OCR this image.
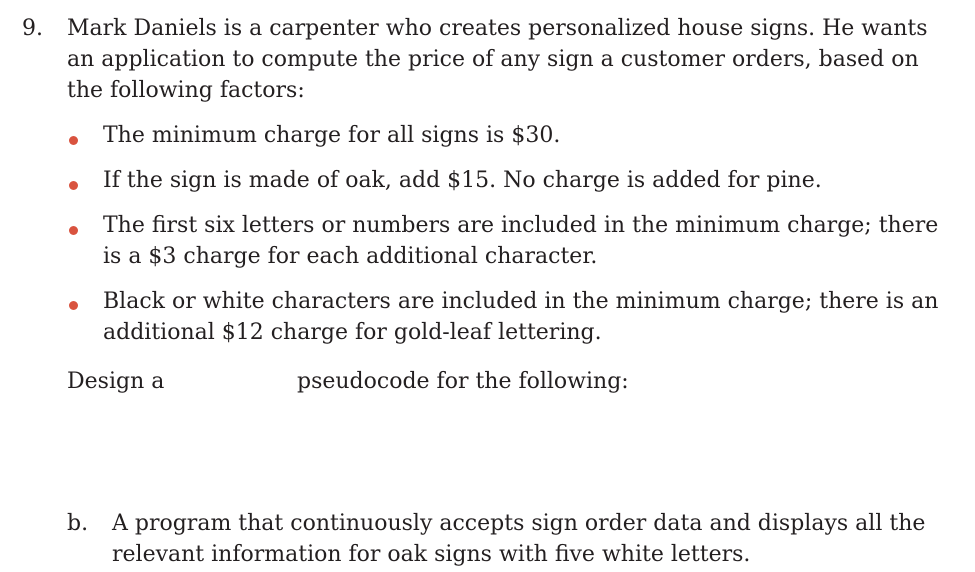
9. Mark Daniels is a carpenter who creates personalized house signs. He wants an application to compute the price of any sign a customer orders, based on the following factors:
The minimum charge for all signs is $30.
If the sign is made of oak, add $15. No charge is added for pine.
The first six letters or numbers are included in the minimum charge; there is a $3 charge for each additional character.
Black or white characters are included in the minimum charge; there is an additional $12 charge for gold-leaf lettering.
Design a	pseudocode for the following:
b. A program that continuously accepts sign order data and displays all the relevant information for oak signs with five white letters.
